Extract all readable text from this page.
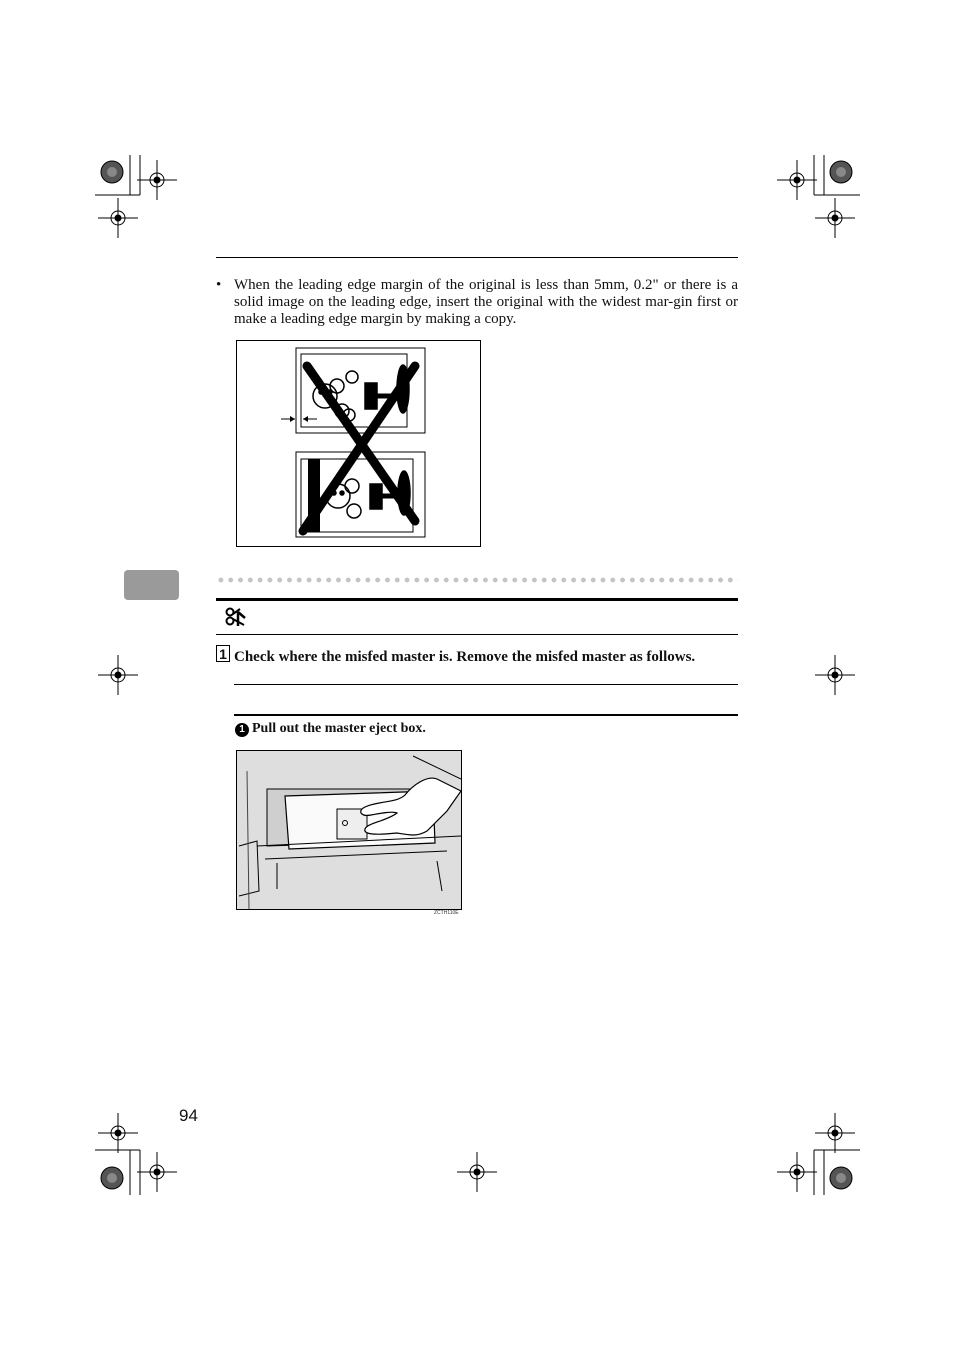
• When the leading edge margin of the original is less than 5mm, 0.2" or there is a solid image on the leading edge, insert the original with the widest mar-gin first or make a leading edge margin by making a copy.
1 Check where the misfed master is. Remove the misfed master as follows.
1 Pull out the master eject box.
ZCTH110E
94
